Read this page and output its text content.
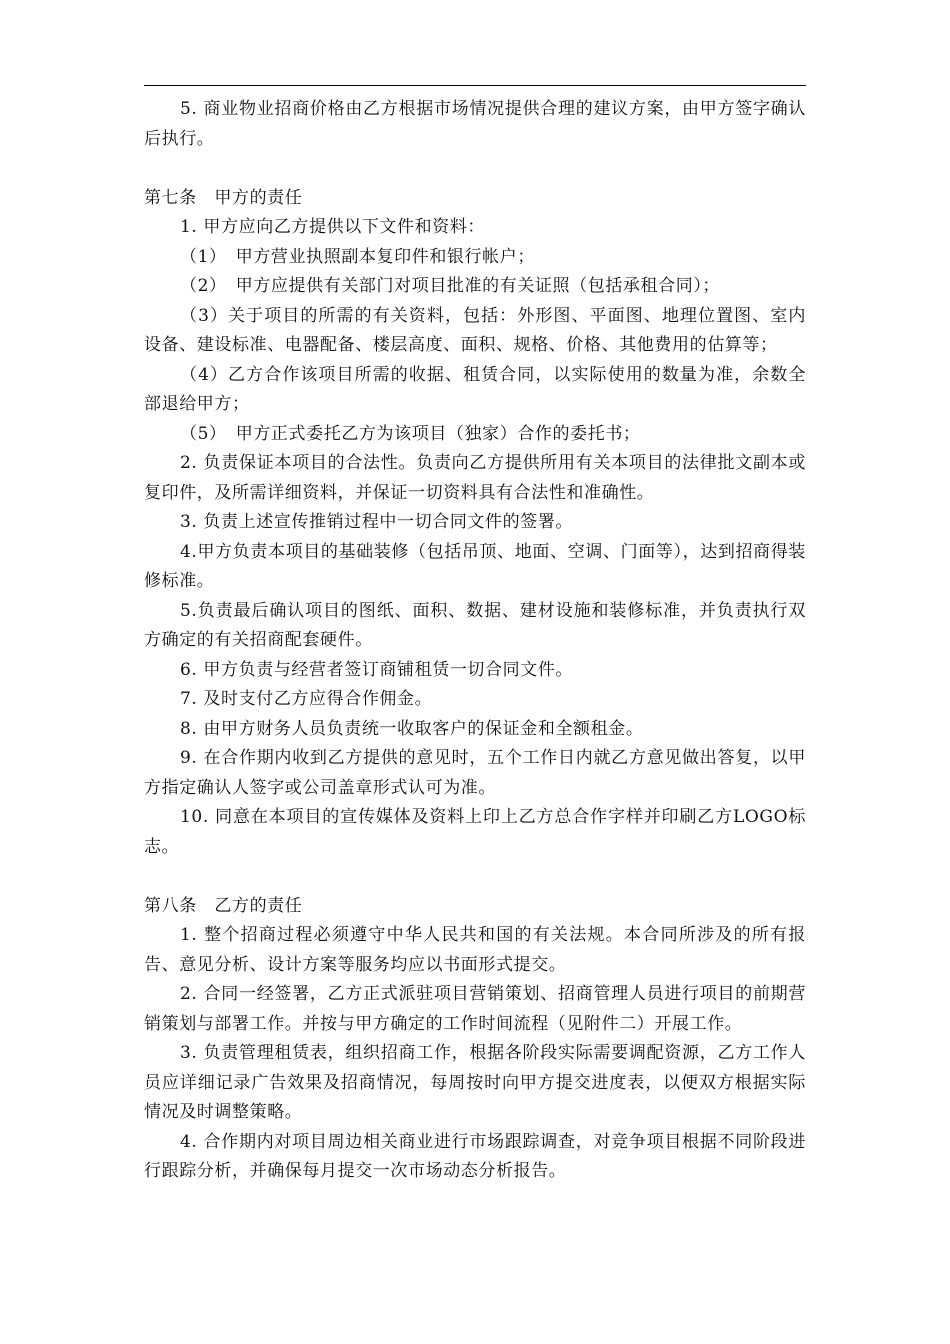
5. 商业物业招商价格由乙方根据市场情况提供合理的建议方案，由甲方签字确认后执行。

第七条　甲方的责任

1. 甲方应向乙方提供以下文件和资料：

（1）　甲方营业执照副本复印件和银行帐户；

（2）　甲方应提供有关部门对项目批准的有关证照（包括承租合同）；

（3）关于项目的所需的有关资料，包括：外形图、平面图、地理位置图、室内设备、建设标准、电器配备、楼层高度、面积、规格、价格、其他费用的估算等；

（4）乙方合作该项目所需的收据、租赁合同，以实际使用的数量为准，余数全部退给甲方；

（5）　甲方正式委托乙方为该项目（独家）合作的委托书；

2. 负责保证本项目的合法性。负责向乙方提供所用有关本项目的法律批文副本或复印件，及所需详细资料，并保证一切资料具有合法性和准确性。

3. 负责上述宣传推销过程中一切合同文件的签署。

4.甲方负责本项目的基础装修（包括吊顶、地面、空调、门面等），达到招商得装修标准。

5.负责最后确认项目的图纸、面积、数据、建材设施和装修标准，并负责执行双方确定的有关招商配套硬件。

6. 甲方负责与经营者签订商铺租赁一切合同文件。

7. 及时支付乙方应得合作佣金。

8. 由甲方财务人员负责统一收取客户的保证金和全额租金。

9. 在合作期内收到乙方提供的意见时，五个工作日内就乙方意见做出答复，以甲方指定确认人签字或公司盖章形式认可为准。

10. 同意在本项目的宣传媒体及资料上印上乙方总合作字样并印刷乙方LOGO标志。

第八条　乙方的责任

1. 整个招商过程必须遵守中华人民共和国的有关法规。本合同所涉及的所有报告、意见分析、设计方案等服务均应以书面形式提交。

2. 合同一经签署，乙方正式派驻项目营销策划、招商管理人员进行项目的前期营销策划与部署工作。并按与甲方确定的工作时间流程（见附件二）开展工作。

3. 负责管理租赁表，组织招商工作，根据各阶段实际需要调配资源，乙方工作人员应详细记录广告效果及招商情况，每周按时向甲方提交进度表，以便双方根据实际情况及时调整策略。

4. 合作期内对项目周边相关商业进行市场跟踪调查，对竞争项目根据不同阶段进行跟踪分析，并确保每月提交一次市场动态分析报告。
